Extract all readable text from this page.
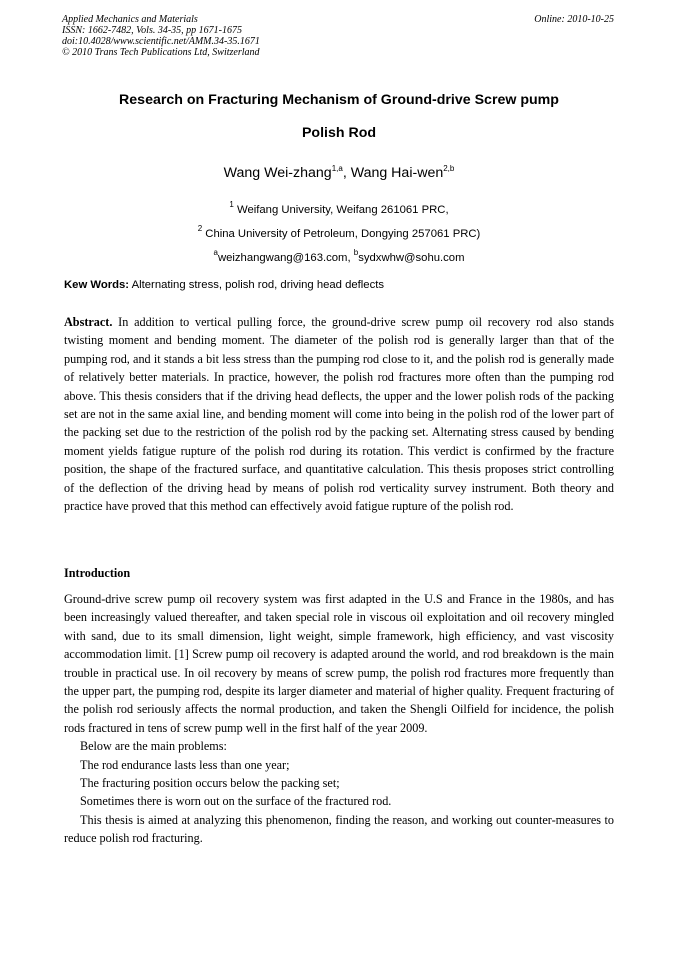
Applied Mechanics and Materials
ISSN: 1662-7482, Vols. 34-35, pp 1671-1675
doi:10.4028/www.scientific.net/AMM.34-35.1671
© 2010 Trans Tech Publications Ltd, Switzerland
Online: 2010-10-25
Research on Fracturing Mechanism of Ground-drive Screw pump
Polish Rod
Wang Wei-zhang$^{1,a}$, Wang Hai-wen$^{2,b}$
$^1$ Weifang University, Weifang 261061 PRC,
$^2$ China University of Petroleum, Dongying 257061 PRC)
$^a$weizhangwang@163.com, $^b$sydxwhw@sohu.com
Kew Words: Alternating stress, polish rod, driving head deflects
Abstract. In addition to vertical pulling force, the ground-drive screw pump oil recovery rod also stands twisting moment and bending moment. The diameter of the polish rod is generally larger than that of the pumping rod, and it stands a bit less stress than the pumping rod close to it, and the polish rod is generally made of relatively better materials. In practice, however, the polish rod fractures more often than the pumping rod above. This thesis considers that if the driving head deflects, the upper and the lower polish rods of the packing set are not in the same axial line, and bending moment will come into being in the polish rod of the lower part of the packing set due to the restriction of the polish rod by the packing set. Alternating stress caused by bending moment yields fatigue rupture of the polish rod during its rotation. This verdict is confirmed by the fracture position, the shape of the fractured surface, and quantitative calculation. This thesis proposes strict controlling of the deflection of the driving head by means of polish rod verticality survey instrument. Both theory and practice have proved that this method can effectively avoid fatigue rupture of the polish rod.
Introduction
Ground-drive screw pump oil recovery system was first adapted in the U.S and France in the 1980s, and has been increasingly valued thereafter, and taken special role in viscous oil exploitation and oil recovery mingled with sand, due to its small dimension, light weight, simple framework, high efficiency, and vast viscosity accommodation limit. [1] Screw pump oil recovery is adapted around the world, and rod breakdown is the main trouble in practical use. In oil recovery by means of screw pump, the polish rod fractures more frequently than the upper part, the pumping rod, despite its larger diameter and material of higher quality. Frequent fracturing of the polish rod seriously affects the normal production, and taken the Shengli Oilfield for incidence, the polish rods fractured in tens of screw pump well in the first half of the year 2009.
Below are the main problems:
The rod endurance lasts less than one year;
The fracturing position occurs below the packing set;
Sometimes there is worn out on the surface of the fractured rod.
This thesis is aimed at analyzing this phenomenon, finding the reason, and working out counter-measures to reduce polish rod fracturing.
